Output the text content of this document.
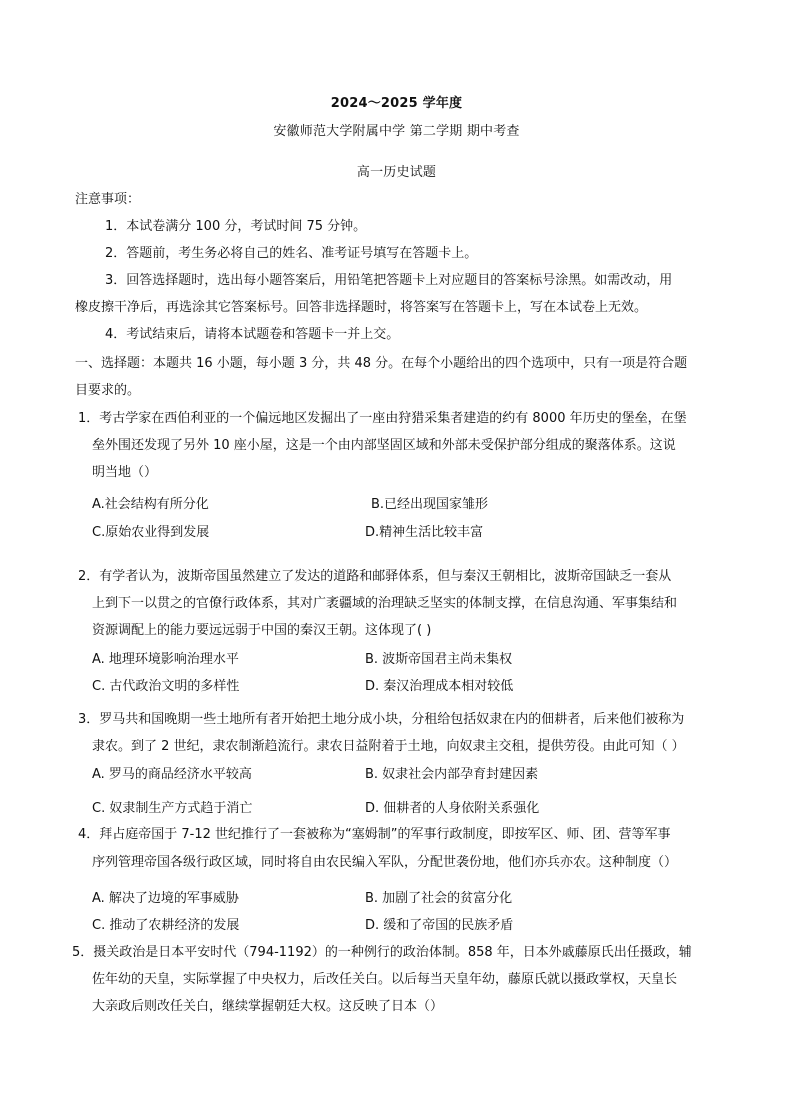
2024～2025 学年度
安徽师范大学附属中学 第二学期 期中考查
高一历史试题
注意事项：
1．本试卷满分 100 分，考试时间 75 分钟。
2．答题前，考生务必将自己的姓名、准考证号填写在答题卡上。
3．回答选择题时，选出每小题答案后，用铅笔把答题卡上对应题目的答案标号涂黑。如需改动，用
橡皮擦干净后，再选涂其它答案标号。回答非选择题时，将答案写在答题卡上，写在本试卷上无效。
4．考试结束后，请将本试题卷和答题卡一并上交。
一、选择题：本题共 16 小题，每小题 3 分，共 48 分。在每个小题给出的四个选项中，只有一项是符合题
目要求的。
1．考古学家在西伯利亚的一个偏远地区发掘出了一座由狩猎采集者建造的约有 8000 年历史的堡垒，在堡
垒外围还发现了另外 10 座小屋，这是一个由内部坚固区域和外部未受保护部分组成的聚落体系。这说
明当地（）
A.社会结构有所分化	B.已经出现国家雏形
C.原始农业得到发展	D.精神生活比较丰富
2．有学者认为，波斯帝国虽然建立了发达的道路和邮驿体系，但与秦汉王朝相比，波斯帝国缺乏一套从
上到下一以贯之的官僚行政体系，其对广袤疆域的治理缺乏坚实的体制支撑，在信息沟通、军事集结和
资源调配上的能力要远远弱于中国的秦汉王朝。这体现了( )
A. 地理环境影响治理水平	B. 波斯帝国君主尚未集权
C. 古代政治文明的多样性	D. 秦汉治理成本相对较低
3．罗马共和国晚期一些土地所有者开始把土地分成小块，分租给包括奴隶在内的佃耕者，后来他们被称为
隶农。到了 2 世纪，隶农制渐趋流行。隶农日益附着于土地，向奴隶主交租，提供劳役。由此可知（ ）
A. 罗马的商品经济水平较高	B. 奴隶社会内部孕育封建因素
C. 奴隶制生产方式趋于消亡	D. 佃耕者的人身依附关系强化
4．拜占庭帝国于 7-12 世纪推行了一套被称为“塞姆制”的军事行政制度，即按军区、师、团、营等军事
序列管理帝国各级行政区域，同时将自由农民编入军队，分配世袭份地，他们亦兵亦农。这种制度（）
A. 解决了边境的军事威胁	B. 加剧了社会的贫富分化
C. 推动了农耕经济的发展	D. 缓和了帝国的民族矛盾
5．摄关政治是日本平安时代（794-1192）的一种例行的政治体制。858 年，日本外戚藤原氏出任摄政，辅
佐年幼的天皇，实际掌握了中央权力，后改任关白。以后每当天皇年幼，藤原氏就以摄政掌权，天皇长
大亲政后则改任关白，继续掌握朝廷大权。这反映了日本（）
